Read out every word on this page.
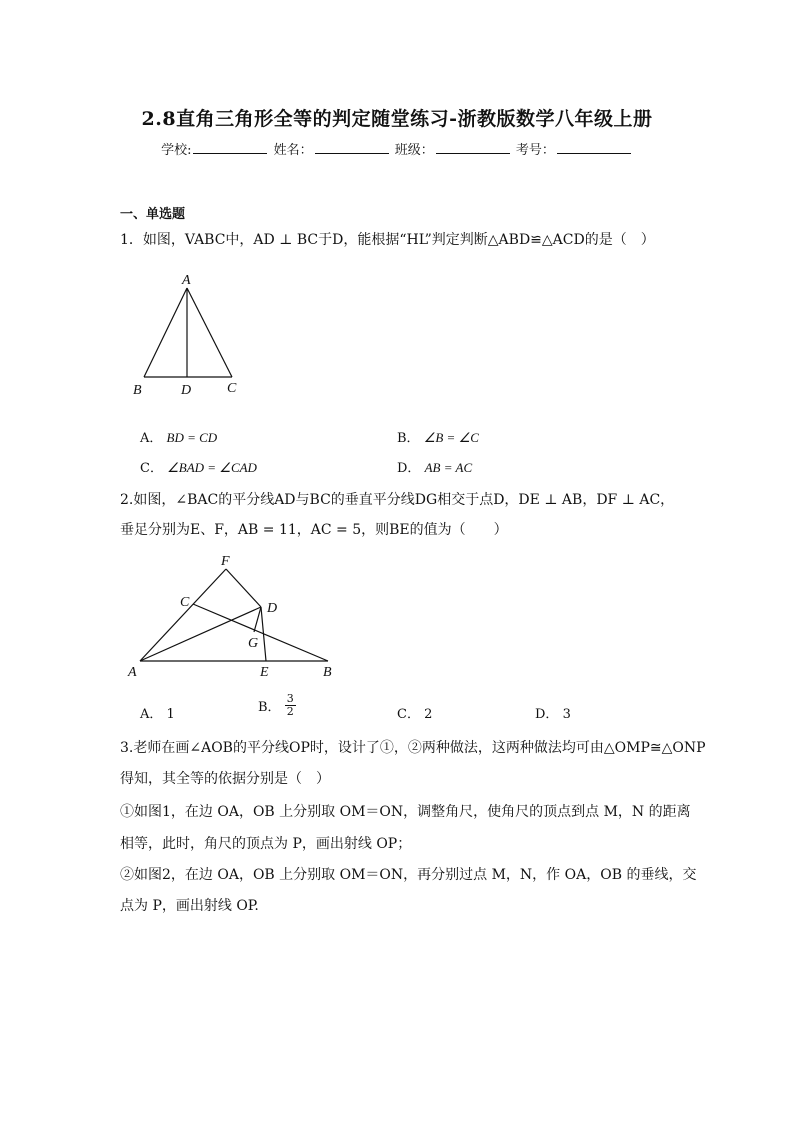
2.8直角三角形全等的判定随堂练习-浙教版数学八年级上册
学校:	姓名：	班级：	考号：
一、单选题
1．如图，VABC中，AD ⊥ BC于D，能根据“HL”判定判断△ABD≌△ACD的是（　）
A
B	D	C
A． BD = CD	B． ∠B = ∠C
C． ∠BAD = ∠CAD	D． AB = AC
2.如图，∠BAC的平分线AD与BC的垂直平分线DG相交于点D，DE ⊥ AB，DF ⊥ AC，
垂足分别为E、F，AB = 11，AC = 5，则BE的值为（　　）
F
C	D
G
A	E	B
A． 1	B． $\frac{3}{2}$	C． 2	D． 3
3.老师在画∠AOB的平分线OP时，设计了①，②两种做法，这两种做法均可由△OMP≅△ONP
得知，其全等的依据分别是（　）
①如图1，在边 OA，OB 上分别取 OM＝ON，调整角尺，使角尺的顶点到点 M，N 的距离
相等，此时，角尺的顶点为 P，画出射线 OP；
②如图2，在边 OA，OB 上分别取 OM＝ON，再分别过点 M，N，作 OA，OB 的垂线，交
点为 P，画出射线 OP.
